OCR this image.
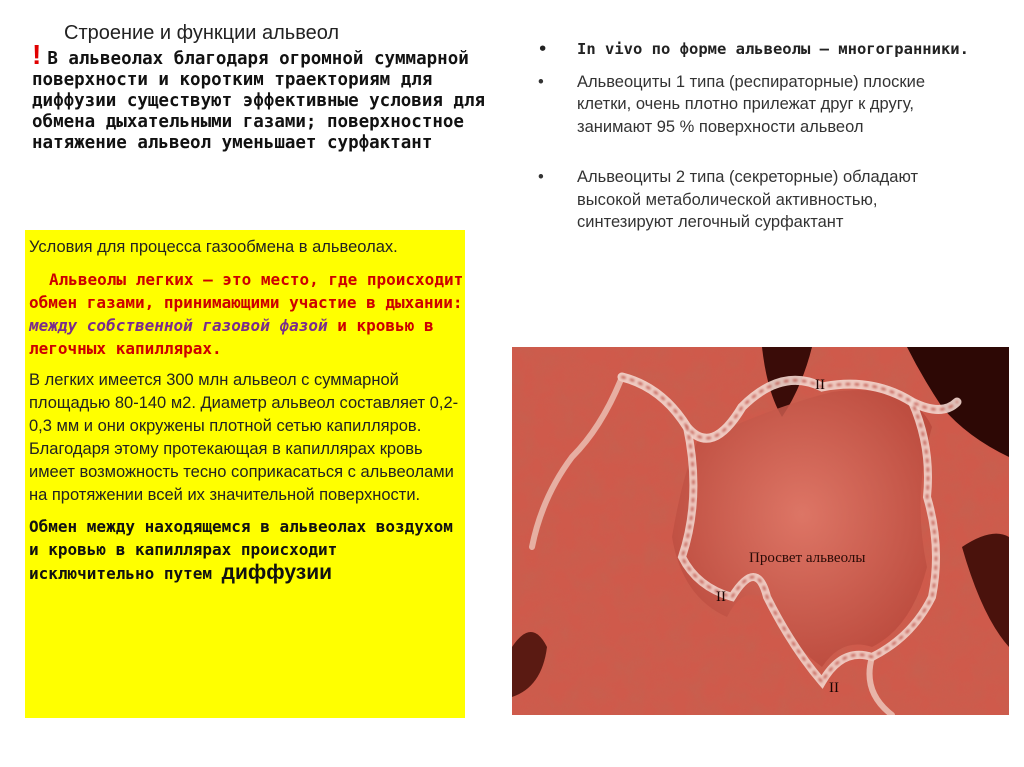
Строение и функции альвеол
! В альвеолах благодаря огромной суммарной поверхности и коротким траекториям для диффузии существуют эффективные условия для обмена дыхательными газами; поверхностное натяжение альвеол уменьшает сурфактант

Условия для процесса газообмена в альвеолах.

Альвеолы легких – это место, где происходит обмен газами, принимающими участие в дыхании: между собственной газовой фазой и кровью в легочных капиллярах.

В легких имеется 300 млн альвеол с суммарной площадью 80-140 м2. Диаметр альвеол составляет 0,2-0,3 мм и они окружены плотной сетью капилляров. Благодаря этому протекающая в капиллярах кровь имеет возможность тесно соприкасаться с альвеолами на протяжении всей их значительной поверхности.

Обмен между находящемся в альвеолах воздухом и кровью в капиллярах происходит исключительно путем диффузии

• In vivo по форме альвеолы – многогранники.
• Альвеоциты 1 типа (респираторные) плоские клетки, очень плотно прилежат друг к другу, занимают 95 % поверхности альвеол
• Альвеоциты 2 типа (секреторные) обладают высокой метаболической активностью, синтезируют легочный сурфактант
Просвет альвеолы
II
II
II
